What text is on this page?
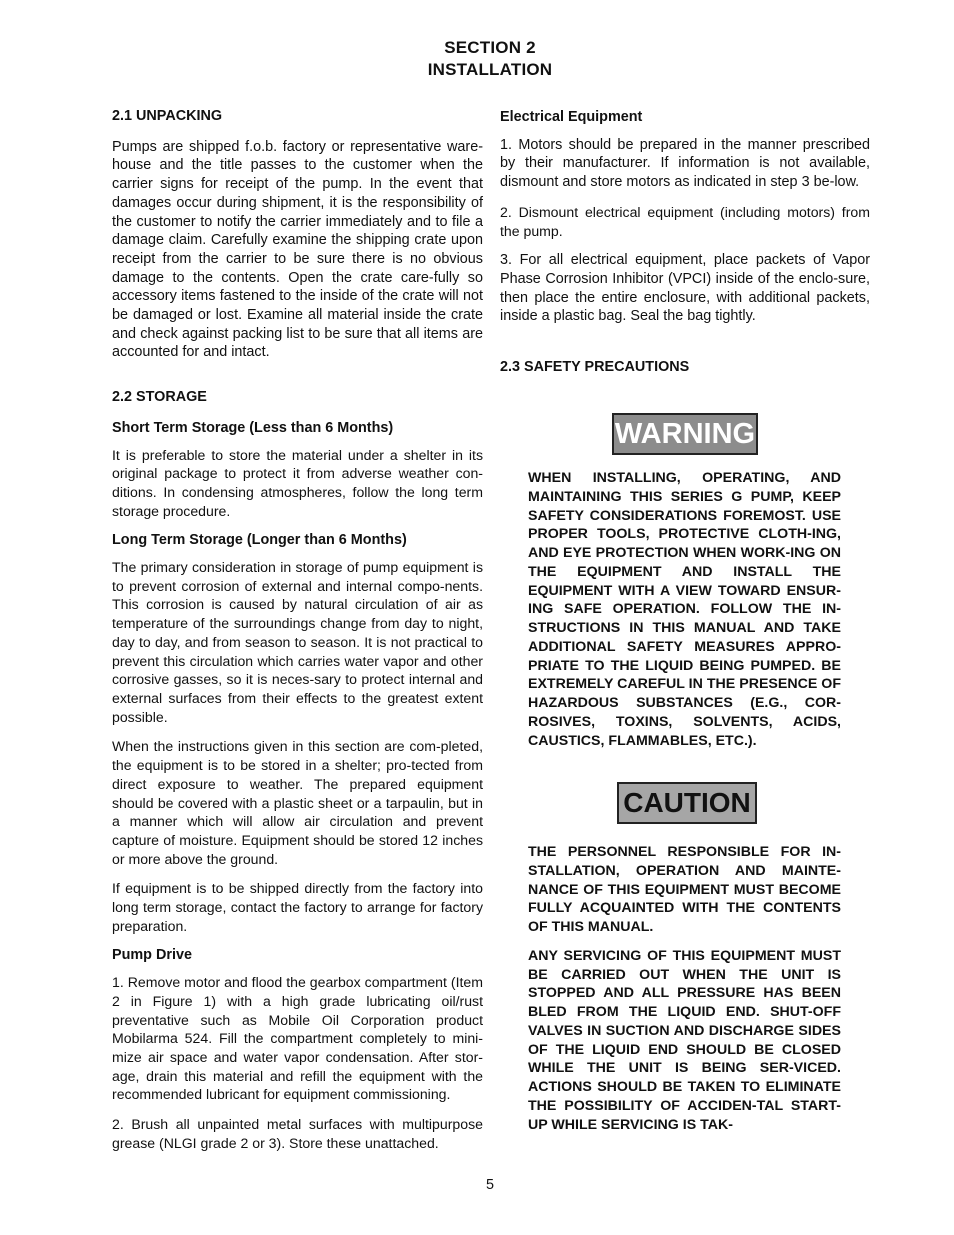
SECTION 2
INSTALLATION

2.1 UNPACKING

Pumps are shipped f.o.b. factory or representative ware-house and the title passes to the customer when the carrier signs for receipt of the pump. In the event that damages occur during shipment, it is the responsibility of the customer to notify the carrier immediately and to file a damage claim. Carefully examine the shipping crate upon receipt from the carrier to be sure there is no obvious damage to the contents. Open the crate care-fully so accessory items fastened to the inside of the crate will not be damaged or lost. Examine all material inside the crate and check against packing list to be sure that all items are accounted for and intact.

2.2 STORAGE

Short Term Storage (Less than 6 Months)

It is preferable to store the material under a shelter in its original package to protect it from adverse weather con-ditions. In condensing atmospheres, follow the long term storage procedure.

Long Term Storage (Longer than 6 Months)

The primary consideration in storage of pump equipment is to prevent corrosion of external and internal compo-nents. This corrosion is caused by natural circulation of air as temperature of the surroundings change from day to night, day to day, and from season to season. It is not practical to prevent this circulation which carries water vapor and other corrosive gasses, so it is neces-sary to protect internal and external surfaces from their effects to the greatest extent possible.

When the instructions given in this section are com-pleted, the equipment is to be stored in a shelter; pro-tected from direct exposure to weather. The prepared equipment should be covered with a plastic sheet or a tarpaulin, but in a manner which will allow air circulation and prevent capture of moisture. Equipment should be stored 12 inches or more above the ground.

If equipment is to be shipped directly from the factory into long term storage, contact the factory to arrange for factory preparation.

Pump Drive

1. Remove motor and flood the gearbox compartment (Item 2 in Figure 1) with a high grade lubricating oil/rust preventative such as Mobile Oil Corporation product Mobilarma 524. Fill the compartment completely to mini-mize air space and water vapor condensation. After stor-age, drain this material and refill the equipment with the recommended lubricant for equipment commissioning.

2. Brush all unpainted metal surfaces with multipurpose grease (NLGI grade 2 or 3). Store these unattached.

Electrical Equipment

1. Motors should be prepared in the manner prescribed by their manufacturer. If information is not available, dismount and store motors as indicated in step 3 be-low.

2. Dismount electrical equipment (including motors) from the pump.

3. For all electrical equipment, place packets of Vapor Phase Corrosion Inhibitor (VPCI) inside of the enclo-sure, then place the entire enclosure, with additional packets, inside a plastic bag. Seal the bag tightly.

2.3 SAFETY PRECAUTIONS

WARNING

WHEN INSTALLING, OPERATING, AND MAINTAINING THIS SERIES G PUMP, KEEP SAFETY CONSIDERATIONS FOREMOST. USE PROPER TOOLS, PROTECTIVE CLOTH-ING, AND EYE PROTECTION WHEN WORK-ING ON THE EQUIPMENT AND INSTALL THE EQUIPMENT WITH A VIEW TOWARD ENSUR-ING SAFE OPERATION. FOLLOW THE IN-STRUCTIONS IN THIS MANUAL AND TAKE ADDITIONAL SAFETY MEASURES APPRO-PRIATE TO THE LIQUID BEING PUMPED. BE EXTREMELY CAREFUL IN THE PRESENCE OF HAZARDOUS SUBSTANCES (E.G., COR-ROSIVES, TOXINS, SOLVENTS, ACIDS, CAUSTICS, FLAMMABLES, ETC.).

CAUTION

THE PERSONNEL RESPONSIBLE FOR IN-STALLATION, OPERATION AND MAINTE-NANCE OF THIS EQUIPMENT MUST BECOME FULLY ACQUAINTED WITH THE CONTENTS OF THIS MANUAL.

ANY SERVICING OF THIS EQUIPMENT MUST BE CARRIED OUT WHEN THE UNIT IS STOPPED AND ALL PRESSURE HAS BEEN BLED FROM THE LIQUID END. SHUT-OFF VALVES IN SUCTION AND DISCHARGE SIDES OF THE LIQUID END SHOULD BE CLOSED WHILE THE UNIT IS BEING SER-VICED. ACTIONS SHOULD BE TAKEN TO ELIMINATE THE POSSIBILITY OF ACCIDEN-TAL START-UP WHILE SERVICING IS TAK-

5
